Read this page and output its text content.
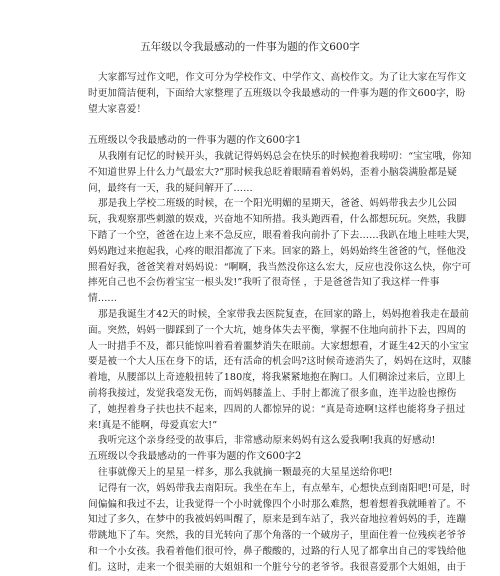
五年级以令我最感动的一件事为题的作文600字
大家都写过作文吧，作文可分为学校作文、中学作文、高校作文。为了让大家在写作文
时更加简洁便利，下面给大家整理了五班级以令我最感动的一件事为题的作文600字，盼
望大家喜爱！
五班级以令我最感动的一件事为题的作文600字1
从我刚有记忆的时候开头，我就记得妈妈总会在快乐的时候抱着我唠叨：“宝宝哦，你知
不知道世界上什么力气最宏大?”那时候我总眨着眼睛看着妈妈，歪着小脑袋满脸都是疑
问，最终有一天，我的疑问解开了……
那是我上学校二班级的时候，在一个阳光明媚的星期天，爸爸、妈妈带我去少儿公园
玩，我观察那些刺激的娱戏，兴奋地不知所措。我头跑西看，什么都想玩玩。突然，我脚
下踏了一个空，爸爸在边上来不急反应，眼看着我向前扑了下去……我趴在地上哇哇大哭，
妈妈跑过来抱起我，心疼的眼泪都流了下来。回家的路上，妈妈始终生爸爸的气，怪他没
照看好我，爸爸笑着对妈妈说：“啊啊，我当然没你这么宏大，反应也没你这么快，你宁可
摔死自己也不会伤着宝宝一根头发!”我听了很奇怪 ，于是爸爸告知了我这样一件事
情……
那是我诞生才42天的时候，全家带我去医院复查，在回家的路上，妈妈抱着我走在最前
面。突然，妈妈一脚踩到了一个大坑，她身体失去平衡，掌握不住地向前扑下去，四周的
人一时措手不及，都只能惊叫着看着噩梦消失在眼前。大家想想看，才诞生42天的小宝宝
要是被一个大人压在身下的话，还有活命的机会吗?这时候奇迹消失了，妈妈在这时，双膝
着地，从腰部以上奇迹般扭转了180度，将我紧紧地抱在胸口。人们稠涂过来后，立即上
前将我接过，发觉我毫发无伤，而妈妈膝盖上、手肘上都流了很多血，连半边脸也擦伤
了，她捏着身子扶也扶不起来，四周的人都惊异的说：“真是奇迹啊!这样也能将身子扭过
来!真是不能啊，母爱真宏大!”
我听完这个亲身经受的故事后，非常感动原来妈妈有这么爱我啊!我真的好感动!
五班级以令我最感动的一件事为题的作文600字2
往事就像天上的星星一样多，那么我就摘一颗最亮的大星星送给你吧!
记得有一次，妈妈带我去南阳玩。我坐在车上，有点晕车，心想快点到南阳吧!可是，时
间偏偏和我过不去，让我觉得一个小时就像四个小时那么难熬，想着想着我就睡着了。不
知过了多久，在梦中的我被妈妈叫醒了，原来是到车站了，我兴奋地拉着妈妈的手，连蹦
带跳地下了车。突然，我的目光转向了那个角落的一个破房子，里面住着一位残疾老爷爷
和一个小女孩。我看着他们很可怜，鼻子酸酸的，过路的行人见了都拿出自己的零钱给他
们。这时，走来一个很美丽的大姐姐和一个脏兮兮的老爷爷。我很喜爱那个大姐姐，由于
